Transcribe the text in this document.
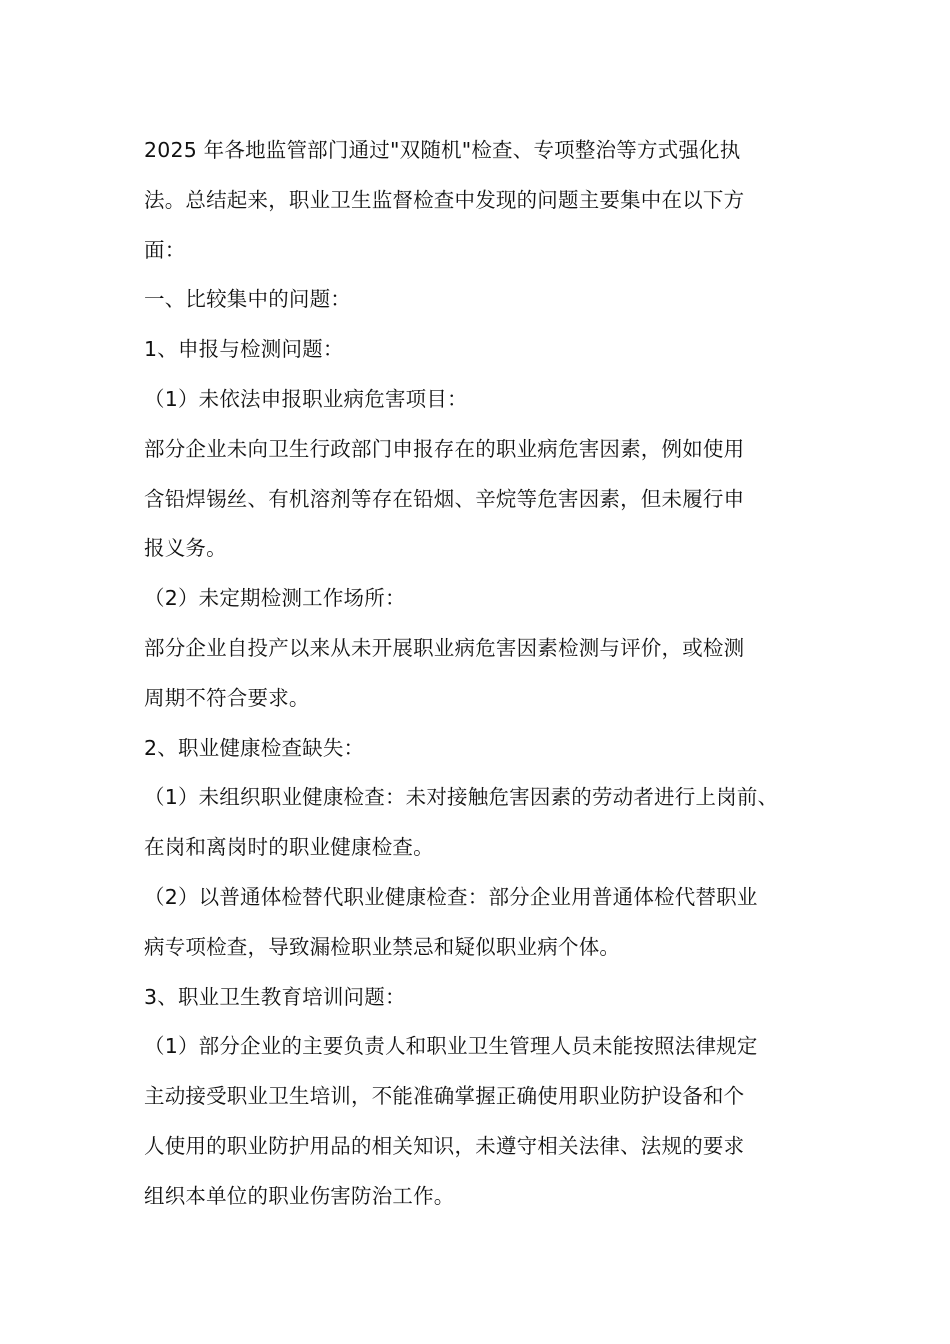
2025 年各地监管部门通过"双随机"检查、专项整治等方式强化执
法。总结起来，职业卫生监督检查中发现的问题主要集中在以下方
面：
一、比较集中的问题：
1、申报与检测问题：
（1）未依法申报职业病危害项目：
部分企业未向卫生行政部门申报存在的职业病危害因素，例如使用
含铅焊锡丝、有机溶剂等存在铅烟、辛烷等危害因素，但未履行申
报义务。
（2）未定期检测工作场所：
部分企业自投产以来从未开展职业病危害因素检测与评价，或检测
周期不符合要求。
2、职业健康检查缺失：
（1）未组织职业健康检查：未对接触危害因素的劳动者进行上岗前、
在岗和离岗时的职业健康检查。
（2）以普通体检替代职业健康检查：部分企业用普通体检代替职业
病专项检查，导致漏检职业禁忌和疑似职业病个体。
3、职业卫生教育培训问题：
（1）部分企业的主要负责人和职业卫生管理人员未能按照法律规定
主动接受职业卫生培训，不能准确掌握正确使用职业防护设备和个
人使用的职业防护用品的相关知识，未遵守相关法律、法规的要求
组织本单位的职业伤害防治工作。
